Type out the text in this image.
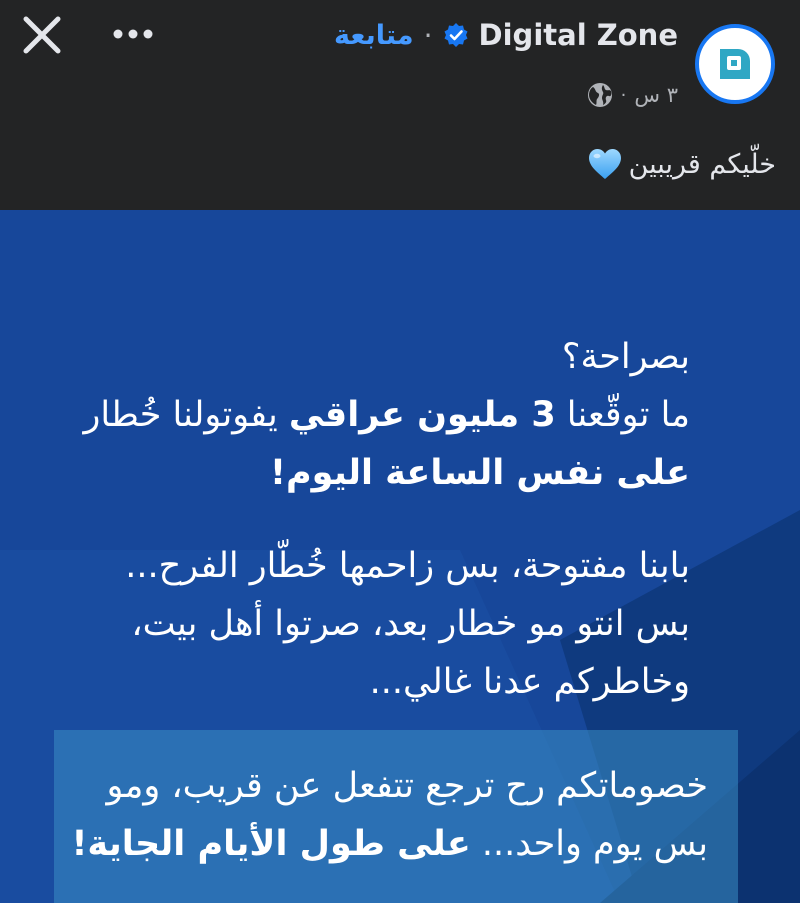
Digital Zone
·
متابعة
٣ س
·
خلّيكم قريبين
بصراحة؟
ما توقّعنا 3 مليون عراقي يفوتولنا خُطار
على نفس الساعة اليوم!
بابنا مفتوحة، بس زاحمها خُطّار الفرح...
بس انتو مو خطار بعد، صرتوا أهل بيت،
وخاطركم عدنا غالي...
خصوماتكم رح ترجع تتفعل عن قريب، ومو
بس يوم واحد... على طول الأيام الجاية!
